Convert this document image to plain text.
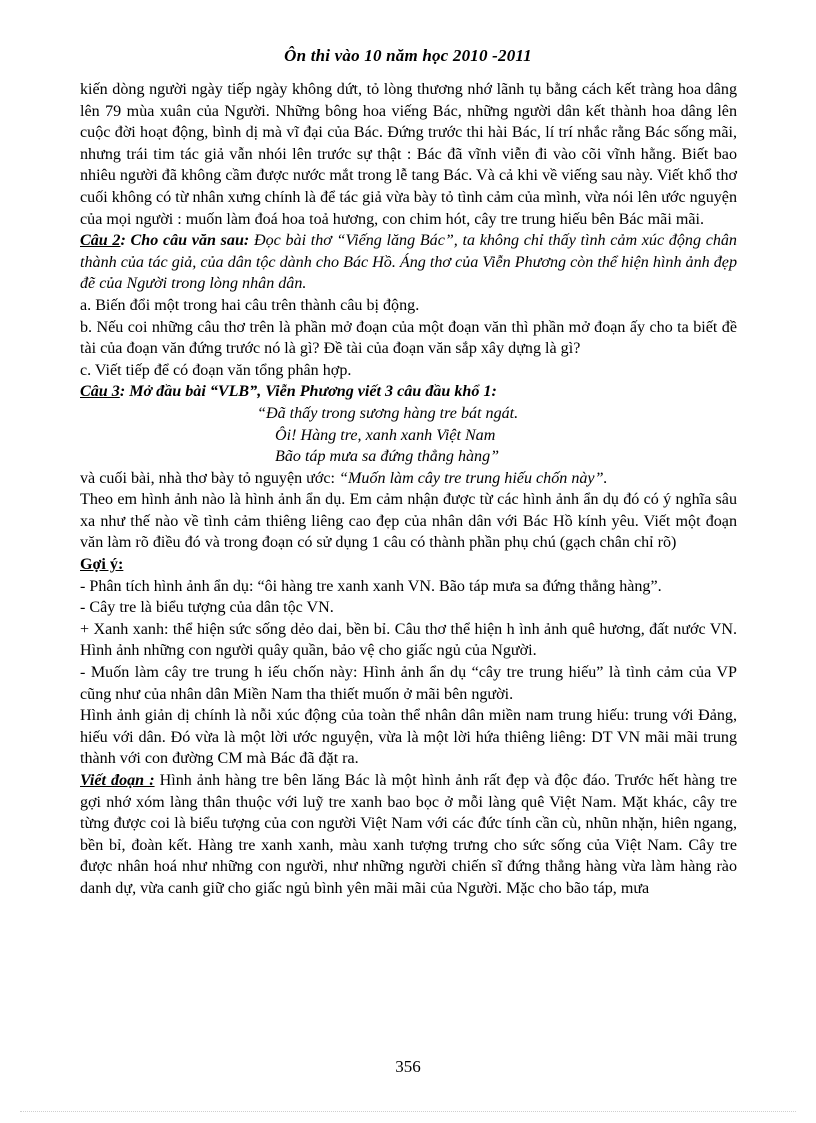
Ôn thi vào 10 năm học 2010 -2011

kiến dòng người ngày tiếp ngày không dứt, tỏ lòng thương nhớ lãnh tụ bằng cách kết tràng hoa dâng lên 79 mùa xuân của Người. Những bông hoa viếng Bác, những người dân kết thành hoa dâng lên cuộc đời hoạt động, bình dị mà vĩ đại của Bác. Đứng trước thi hài Bác, lí trí nhắc rằng Bác sống mãi, nhưng trái tim tác giả vẫn nhói lên trước sự thật : Bác đã vĩnh viễn đi vào cõi vĩnh hằng. Biết bao nhiêu người đã không cầm được nước mắt trong lễ tang Bác. Và cả khi về viếng sau này. Viết khổ thơ cuối không có từ nhân xưng chính là để tác giả vừa bày tỏ tình cảm của mình, vừa nói lên ước nguyện của mọi người : muốn làm đoá hoa toả hương, con chim hót, cây tre trung hiếu bên Bác mãi mãi.

Câu 2: Cho câu văn sau: Đọc bài thơ “Viếng lăng Bác”, ta không chỉ thấy tình cảm xúc động chân thành của tác giả, của dân tộc dành cho Bác Hồ. Áng thơ của Viễn Phương còn thể hiện hình ảnh đẹp đẽ của Người trong lòng nhân dân.

a. Biến đổi một trong hai câu trên thành câu bị động.

b. Nếu coi những câu thơ trên là phần mở đoạn của một đoạn văn thì phần mở đoạn ấy cho ta biết đề tài của đoạn văn đứng trước nó là gì? Đề tài của đoạn văn sắp xây dựng là gì?

c. Viết tiếp để có đoạn văn tổng phân hợp.

Câu 3: Mở đầu bài “VLB”, Viễn Phương viết 3 câu đầu khổ 1:

“Đã thấy trong sương hàng tre bát ngát.
Ôi! Hàng tre, xanh xanh Việt Nam
Bão táp mưa sa đứng thẳng hàng”

và cuối bài, nhà thơ bày tỏ nguyện ước: “Muốn làm cây tre trung hiếu chốn này”.

Theo em hình ảnh nào là hình ảnh ẩn dụ. Em cảm nhận được từ các hình ảnh ẩn dụ đó có ý nghĩa sâu xa như thế nào về tình cảm thiêng liêng cao đẹp của nhân dân với Bác Hồ kính yêu. Viết một đoạn văn làm rõ điều đó và trong đoạn có sử dụng 1 câu có thành phần phụ chú (gạch chân chỉ rõ)

Gợi ý:

- Phân tích hình ảnh ẩn dụ: “ôi hàng tre xanh xanh VN. Bão táp mưa sa đứng thẳng hàng”.

- Cây tre là biểu tượng của dân tộc VN.

+ Xanh xanh: thể hiện sức sống dẻo dai, bền bỉ. Câu thơ thể hiện h ình ảnh quê hương, đất nước VN. Hình ảnh những con người quây quần, bảo vệ cho giấc ngủ của Người.

- Muốn làm cây tre trung h iếu chốn này: Hình ảnh ẩn dụ “cây tre trung hiếu” là tình cảm của VP cũng như của nhân dân Miền Nam tha thiết muốn ở mãi bên người.

Hình ảnh giản dị chính là nỗi xúc động của toàn thể nhân dân miền nam trung hiếu: trung với Đảng, hiếu với dân. Đó vừa là một lời ước nguyện, vừa là một lời hứa thiêng liêng: DT VN mãi mãi trung thành với con đường CM mà Bác đã đặt ra.

Viết đoạn : Hình ảnh hàng tre bên lăng Bác là một hình ảnh rất đẹp và độc đáo. Trước hết hàng tre gợi nhớ xóm làng thân thuộc với luỹ tre xanh bao bọc ở mỗi làng quê Việt Nam. Mặt khác, cây tre từng được coi là biểu tượng của con người Việt Nam với các đức tính cần cù, nhũn nhặn, hiên ngang, bền bỉ, đoàn kết. Hàng tre xanh xanh, màu xanh tượng trưng cho sức sống của Việt Nam. Cây tre được nhân hoá như những con người, như những người chiến sĩ đứng thẳng hàng vừa làm hàng rào danh dự, vừa canh giữ cho giấc ngủ bình yên mãi mãi của Người. Mặc cho bão táp, mưa

356
